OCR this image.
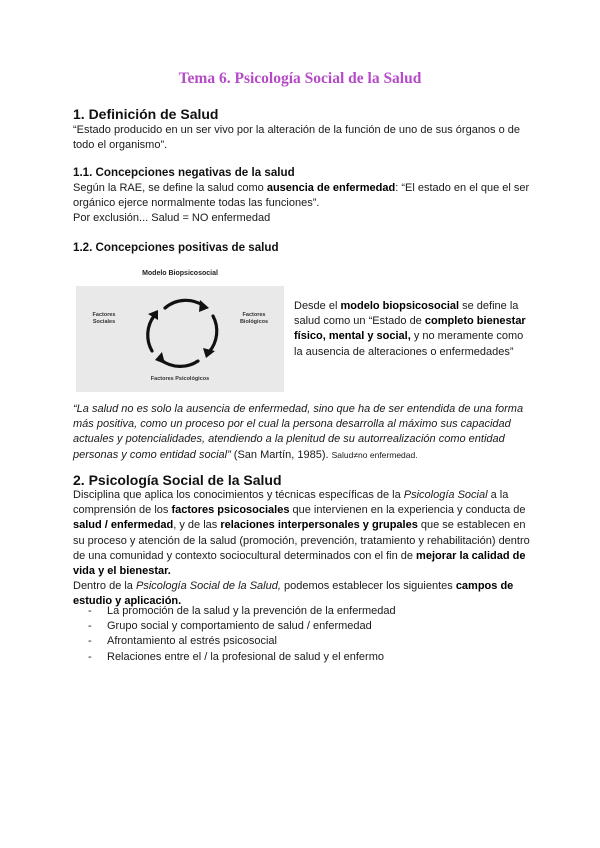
Tema 6. Psicología Social de la Salud
1. Definición de Salud
“Estado producido en un ser vivo por la alteración de la función de uno de sus órganos o de todo el organismo”.
1.1. Concepciones negativas de la salud
Según la RAE, se define la salud como ausencia de enfermedad: “El estado en el que el ser orgánico ejerce normalmente todas las funciones”.
Por exclusión... Salud = NO enfermedad
1.2. Concepciones positivas de salud
Modelo Biopsicosocial
Factores
Sociales
Factores
Biológicos
Factores Psicológicos
Desde el modelo biopsicosocial se define la salud como un “Estado de completo bienestar físico, mental y social, y no meramente como la ausencia de alteraciones o enfermedades”
“La salud no es solo la ausencia de enfermedad, sino que ha de ser entendida de una forma más positiva, como un proceso por el cual la persona desarrolla al máximo sus capacidad actuales y potencialidades, atendiendo a la plenitud de su autorrealización como entidad personas y como entidad social” (San Martín, 1985). Salud≠no enfermedad.
2. Psicología Social de la Salud
Disciplina que aplica los conocimientos y técnicas específicas de la Psicología Social a la comprensión de los factores psicosociales que intervienen en la experiencia y conducta de salud / enfermedad, y de las relaciones interpersonales y grupales que se establecen en su proceso y atención de la salud (promoción, prevención, tratamiento y rehabilitación) dentro de una comunidad y contexto sociocultural determinados con el fin de mejorar la calidad de vida y el bienestar.
Dentro de la Psicología Social de la Salud, podemos establecer los siguientes campos de estudio y aplicación.
- La promoción de la salud y la prevención de la enfermedad
- Grupo social y comportamiento de salud / enfermedad
- Afrontamiento al estrés psicosocial
- Relaciones entre el / la profesional de salud y el enfermo
